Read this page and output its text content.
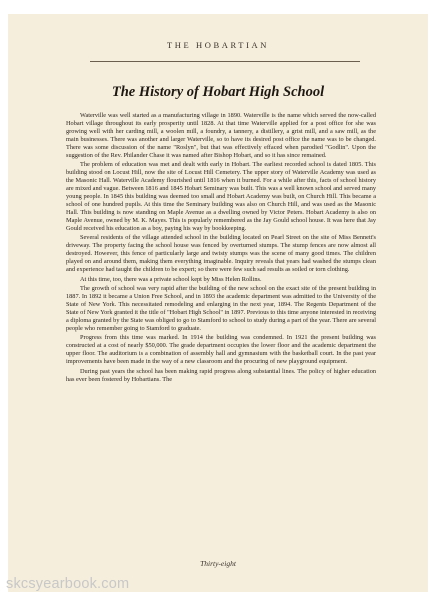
THE HOBARTIAN
The History of Hobart High School

Waterville was well started as a manufacturing village in 1890. Waterville is the name which served the now-called Hobart village throughout its early prosperity until 1828. At that time Waterville applied for a post office for she was growing well with her carding mill, a woolen mill, a foundry, a tannery, a distillery, a grist mill, and a saw mill, as the main businesses. There was another and larger Waterville, so to have its desired post office the name was to be changed. There was some discussion of the name "Roslyn", but that was effectively effaced when parodied "Godlin". Upon the suggestion of the Rev. Philander Chase it was named after Bishop Hobart, and so it has since remained.

The problem of education was met and dealt with early in Hobart. The earliest recorded school is dated 1805. This building stood on Locust Hill, now the site of Locust Hill Cemetery. The upper story of Waterville Academy was used as the Masonic Hall. Waterville Academy flourished until 1816 when it burned. For a while after this, facts of school history are mixed and vague. Between 1816 and 1845 Hobart Seminary was built. This was a well known school and served many young people. In 1845 this building was deemed too small and Hobart Academy was built, on Church Hill. This became a school of one hundred pupils. At this time the Seminary building was also on Church Hill, and was used as the Masonic Hall. This building is now standing on Maple Avenue as a dwelling owned by Victor Peters. Hobart Academy is also on Maple Avenue, owned by M. K. Mayes. This is popularly remembered as the Jay Gould school house. It was here that Jay Gould received his education as a boy, paying his way by bookkeeping.

Several residents of the village attended school in the building located on Pearl Street on the site of Miss Bennett's driveway. The property facing the school house was fenced by overturned stumps. The stump fences are now almost all destroyed. However, this fence of particularly large and twisty stumps was the scene of many good times. The children played on and around them, making them everything imaginable. Inquiry reveals that years had washed the stumps clean and experience had taught the children to be expert; so there were few such sad results as soiled or torn clothing.

At this time, too, there was a private school kept by Miss Helen Rollins.

The growth of school was very rapid after the building of the new school on the exact site of the present building in 1887. In 1892 it became a Union Free School, and in 1893 the academic department was admitted to the University of the State of New York. This necessitated remodeling and enlarging in the next year, 1894. The Regents Department of the State of New York granted it the title of "Hobart High School" in 1897. Previous to this time anyone interested in receiving a diploma granted by the State was obliged to go to Stamford to school to study during a part of the year. There are several people who remember going to Stamford to graduate.

Progress from this time was marked. In 1914 the building was condemned. In 1921 the present building was constructed at a cost of nearly $50,000. The grade department occupies the lower floor and the academic department the upper floor. The auditorium is a combination of assembly hall and gymnasium with the basketball court. In the past year improvements have been made in the way of a new classroom and the procuring of new playground equipment.

During past years the school has been making rapid progress along substantial lines. The policy of higher education has ever been fostered by Hobartians. The

Thirty-eight
skcsyearbook.com
